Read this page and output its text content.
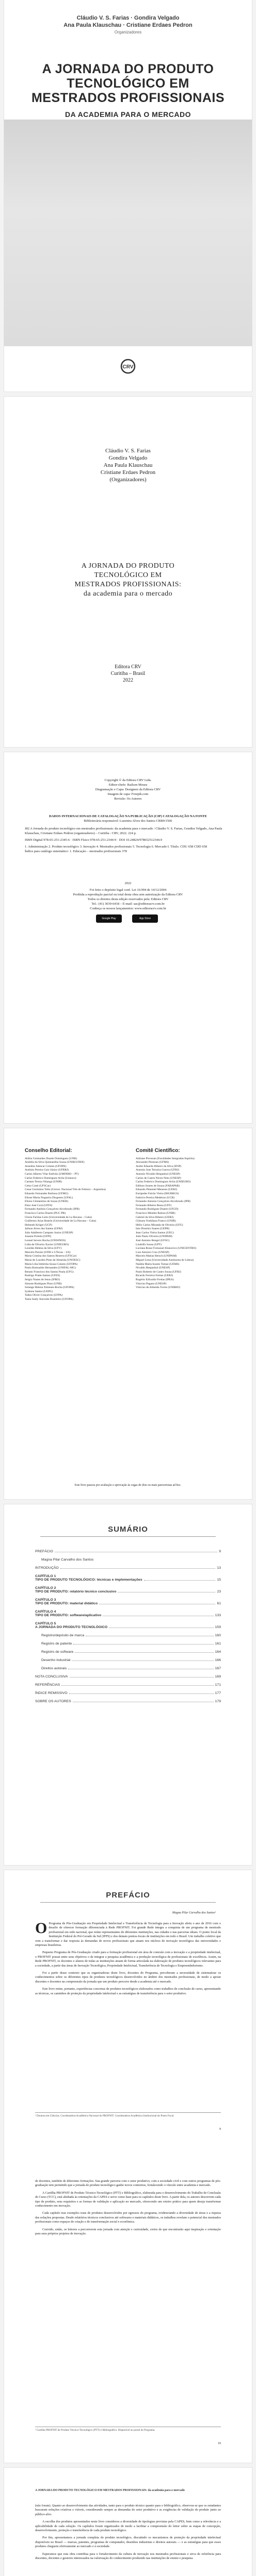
Cláudio V. S. Farias · Gondira Velgado
Ana Paula Klauschau · Cristiane Erdaes Pedron
Organizadores
A JORNADA DO PRODUTO TECNOLÓGICO EM MESTRADOS PROFISSIONAIS
DA ACADEMIA PARA O MERCADO
CRV
Cláudio V. S. Farias
Gondira Velgado
Ana Paula Klauschau
Cristiane Erdaes Pedron
(Organizadores)
A JORNADA DO PRODUTO
TECNOLÓGICO EM
MESTRADOS PROFISSIONAIS:
da academia para o mercado
Editora CRV
Curitiba – Brasil
2022
Copyright © da Editora CRV Ltda.
Editor-chefe: Railson Moura
Diagramação e Capa: Designers da Editora CRV
Imagem de capa: Freepik.com
Revisão: Os Autores
DADOS INTERNACIONAIS DE CATALOGAÇÃO NA PUBLICAÇÃO (CIP) CATALOGAÇÃO NA FONTE
Bibliotecária responsável: Luzenira Alves dos Santos CRB9/1506
J82 A Jornada do produto tecnológico em mestrados profissionais: da academia para o mercado / Cláudio V. S. Farias, Gondira Velgado, Ana Paula Klauschau, Cristiane Erdaes Pedron (organizadores) – Curitiba : CRV, 2022. 224 p.
ISBN Digital 978-65-251-2345-6 · ISBN Físico 978-65-251-2344-9 · DOI 10.24824/978652512344.9
1. Administração 2. Produto tecnológico 3. Inovação 4. Mestrados profissionais 5. Tecnologia 6. Mercado I. Título. CDU 658 CDD 658
Índice para catálogo sistemático: 1. Educação – mestrados profissionais 378
2022
Foi feito o depósito legal conf. Lei 10.994 de 14/12/2004
Proibida a reprodução parcial ou total desta obra sem autorização da Editora CRV
Todos os direitos desta edição reservados pela: Editora CRV
Tel.: (41) 3039-6418 – E-mail: sac@editoracrv.com.br
Conheça os nossos lançamentos: www.editoracrv.com.br
Google Play	App Store
Conselho Editorial:
Aldira Guimarães Duarte Domínguez (UNB)
Andréia da Silva Quintanilha Sousa (UNIR/UFRN)
Anselmo Alencar Colares (UFOPA)
Antônio Pereira Gaio Júnior (UFRRJ)
Carlos Alberto Vilar Estêvão (UMINHO – PT)
Carlos Federico Dominguez Avila (Unieuro)
Carmen Tereza Velanga (UNIR)
Celso Conti (UFSCar)
Cesar Gerónimo Tello (Univer. Nacional Três de Febrero – Argentina)
Eduardo Fernandes Barbosa (UFMG)
Elione Maria Nogueira Diogenes (UFAL)
Elizeu Clementino de Souza (UNEB)
Élsio José Corá (UFFS)
Fernando Antônio Gonçalves Alcoforado (IPB)
Francisco Carlos Duarte (PUC-PR)
Gloria Fariñas León (Universidade de La Havana – Cuba)
Guillermo Arias Beatón (Universidade de La Havana – Cuba)
Helmuth Krüger (UCP)
Jailson Alves dos Santos (UFRJ)
João Adalberto Campato Junior (UNESP)
Josania Portela (UFPI)
Leonel Severo Rocha (UNISINOS)
Lídia de Oliveira Xavier (UNIEURO)
Lourdes Helena da Silva (UFV)
Marcelo Paixão (UFRJ e UTexas – US)
Maria Cristina dos Santos Bezerra (UFSCar)
Maria de Lourdes Pinto de Almeida (UNOESC)
Maria Lília Imbiriba Sousa Colares (UFOPA)
Paulo Romualdo Hernandes (UNIFAL-MG)
Renato Francisco dos Santos Paula (UFG)
Rodrigo Pratte-Santos (UFES)
Sérgio Nunes de Jesus (IFRO)
Simone Rodrigues Pinto (UNB)
Solange Helena Ximenes-Rocha (UFOPA)
Sydione Santos (UEPG)
Tadeu Oliver Gonçalves (UFPA)
Tania Suely Azevedo Brasileiro (UFOPA)
Comitê Científico:
Adriane Piovezan (Faculdades Integradas Espírita)
Alexandre Pierezan (UFMS)
Andre Eduardo Ribeiro da Silva (IFSP)
Antonio Jose Teixeira Guerra (UFRJ)
Antonio Nivaldo Hespanhol (UNESP)
Carlos de Castro Neves Neto (UNESP)
Carlos Federico Dominguez Avila (UNIEURO)
Edilson Soares de Souza (FABAPAR)
Eduardo Pimentel Menezes (UERJ)
Euripedes Falcão Vieira (IHGRRGS)
Fabrício Pereira Medeiros (UCB)
Fernando Antonio Gonçalves Alcoforado (IPB)
Fernando Ribeiro Bessa (UFF)
Fernando Rodrigues Duarte (UFGD)
Francisco Mendes Ramos (UNIR)
Gabriel da Silva Ribeiro (UERJ)
Gilmara Yoshihara Franco (UNIR)
Hélio Carlos Miranda de Oliveira (UFU)
Iain Dionísio Soares (UEPB)
Jean Carlos Vieira Santos (UEG)
João Paulo Oliveira (UNIPAM)
José Antonio Rengel (UFSC)
Lindolfo Sousa (UPT)
Luciana Rosar Fornazari Klanovicz (UNICENTRO)
Luiz Antonio Cruz (UNESP)
Marcelo Matias Hersch (UNIPAM)
Miguel Lima (Universidade Autónoma de Lisboa)
Natália Maria Soares Tomaz (UEMS)
Nivaldo Hespanhol (UNESP)
Paulo Roberto de Castro Sousa (UFRJ)
Ricardo Ferreira Freitas (UERJ)
Rogério Edivaldo Freitas (IPEA)
Vinicius Pagano (UNESP)
Vinicius de Almeida Torres (UNIRIO)
Este livro passou por avaliação e aprovação às cegas de dois ou mais pareceristas ad hoc.
SUMÁRIO
PREFÁCIO	9
Magna Pilar Carvalho dos Santos
INTRODUÇÃO	13
CAPÍTULO 1
TIPO DE PRODUTO TECNOLÓGICO: técnicas e implementações	15
CAPÍTULO 2
TIPO DE PRODUTO: relatório técnico conclusivo	23
CAPÍTULO 3
TIPO DE PRODUTO: material didático	61
CAPÍTULO 4
TIPO DE PRODUTO: software/aplicativo	133
CAPÍTULO 5
A JORNADA DO PRODUTO TECNOLÓGICO	159
Registro/depósito de marca	160
Registro de patente	161
Registro de software	164
Desenho industrial	166
Direitos autorais	167
NOTA CONCLUSIVA	169
REFERÊNCIAS	171
ÍNDICE REMISSIVO	177
SOBRE OS AUTORES	179
PREFÁCIO
Magna Pilar Carvalho dos Santos¹

O Programa de Pós-Graduação em Propriedade Intelectual e Transferência de Tecnologia para a Inovação abriu o ano de 2016 com o desafio de oferecer formação diferenciada à Rede PROFNIT. Foi grande Rede integra a conquista de um programa de mestrado profissional em rede nacional, que reúne representantes de diferentes instituições, nas cidades e nas parcerias ideais. O ponto focal da Instituição Federal do Pré-Gerado da Sul (IFPS) e dos demais pontos-focais de instituições em todo o Brasil. Um trabalho coletivo que vem a transformar e dar resposta às demandas de novos profissionais que atuam nos núcleos de inovação tecnológica das universidades e empresas brasileiras.

Pequeno Programa de Pós-Graduação criado para a formação profissional em área de conexão com a inovação e a propriedade intelectual, o PROFNIT possui entre seus objetivos o de integrar a pesquisa acadêmica e a produção tecnológica de profissionais de excelência. Assim, na Rede PROFNIT, os docentes e alunos de todas as instituições atuam de forma articulada na elaboração de produtos tecnológicos relevantes para a sociedade, a partir das áreas de Inovação Tecnológica, Propriedade Intelectual, Transferência de Tecnologia e Empreendedorismo.

Foi a partir desse contexto que as organizadoras deste livro, docentes do Programa, perceberam a necessidade de sistematizar os conhecimentos sobre os diferentes tipos de produtos tecnológicos desenvolvidos no âmbito dos mestrados profissionais, de modo a apoiar discentes e docentes na compreensão da jornada que um produto percorre desde a academia até o mercado.

Este livro reúne, portanto, experiências concretas de produtos tecnológicos elaborados como trabalhos de conclusão de curso, apresentando as técnicas, os caminhos de proteção da propriedade intelectual e as estratégias de transferência para o setor produtivo.

¹ Doutora em Ciências. Coordenadora Acadêmica Nacional do PROFNIT. Coordenadora Acadêmica Institucional do Ponto Focal.
9

de docentes, também de diferentes formações. Sua grande parceria com o setor produtivo, com a sociedade civil e com outros programas de pós-graduação tem permitido que a jornada do produto tecnológico ganhe novos contornos, fortalecendo o vínculo entre academia e mercado.

A Cartilha PROFNIT de Produto Técnico-Tecnológico (PTT) e Bibliográfico, elaborada para o desenvolvimento do Trabalho de Conclusão de Curso (TCC), está alinhada às orientações da CAPES e serve como base para os capítulos deste livro. A partir dela, os autores descrevem cada tipo de produto, seus requisitos e as formas de validação e aplicação no mercado, oferecendo um roteiro prático para quem deseja transformar conhecimento em inovação.

Cada capítulo traz exemplos reais de produtos desenvolvidos por egressos do programa, evidenciando a diversidade de áreas e a riqueza das soluções propostas. Desde relatórios técnicos conclusivos até softwares e materiais didáticos, os trabalhos revelam o potencial dos mestrados profissionais como espaços de criação e de transformação social e econômica.

Convido, então, os leitores a percorrerem esta jornada com atenção e curiosidade, certos de que encontrarão aqui inspiração e orientação para seus próprios projetos de inovação.

² Cartilha PROFNIT de Produto Técnico-Tecnológico (PTT) e Bibliográfico. Disponível no portal do Programa.
10
A JORNADA DO PRODUTO TECNOLÓGICO EM MESTRADOS PROFISSIONAIS: da academia para o mercado

(não foram). Quanto ao desenvolvimento das atividades, tanto para o produto técnico quanto para o bibliográfico, observou-se que os estudantes buscaram soluções criativas e viáveis, considerando sempre as demandas do setor produtivo e as exigências de validação do produto junto ao público-alvo.

A escolha dos produtos apresentados neste livro considerou a diversidade de tipologias previstas pela CAPES, bem como a relevância e a aplicabilidade de cada solução. Os capítulos foram organizados de modo a facilitar a compreensão do leitor sobre as etapas de concepção, desenvolvimento, proteção e transferência de cada produto tecnológico.

Por fim, apresentamos a jornada completa do produto tecnológico, discutindo os mecanismos de proteção da propriedade intelectual disponíveis no Brasil — marcas, patentes, programas de computador, desenhos industriais e direitos autorais — e as estratégias para que esses produtos cheguem efetivamente ao mercado e à sociedade.

Esperamos que esta obra contribua para o fortalecimento da cultura de inovação nos mestrados profissionais e sirva de referência para discentes, docentes e gestores interessados na valorização do conhecimento produzido nas instituições de ensino e pesquisa.
